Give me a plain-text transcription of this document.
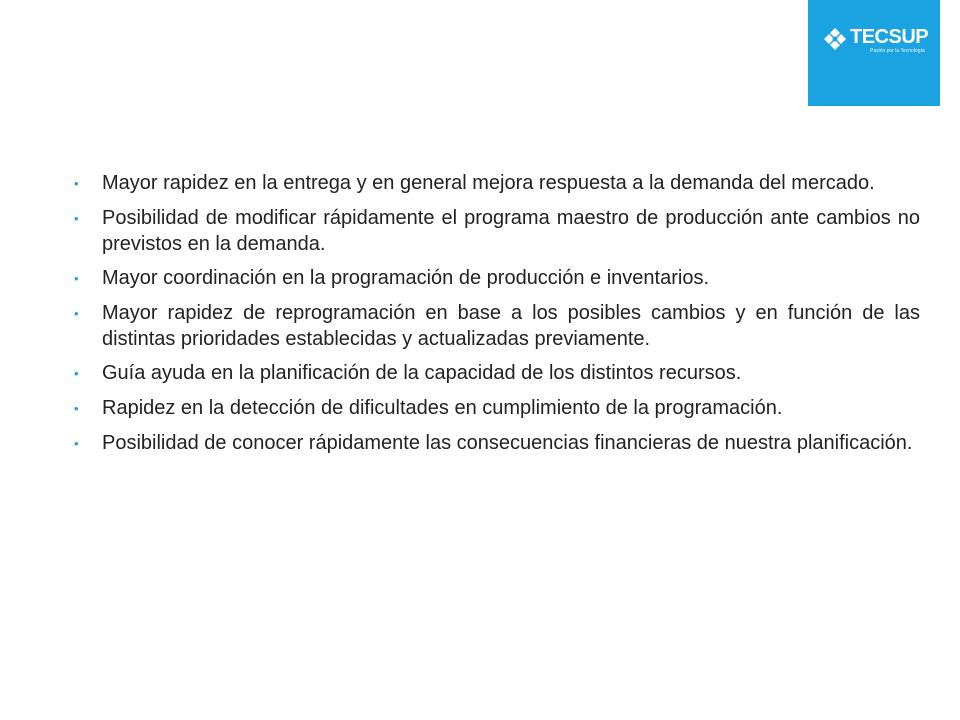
TECSUP
Pasión por la Tecnología
•	Mayor rapidez en la entrega y en general mejora respuesta a la demanda del mercado.
•	Posibilidad de modificar rápidamente el programa maestro de producción ante cambios no previstos en la demanda.
•	Mayor coordinación en la programación de producción e inventarios.
•	Mayor rapidez de reprogramación en base a los posibles cambios y en función de las distintas prioridades establecidas y actualizadas previamente.
•	Guía ayuda en la planificación de la capacidad de los distintos recursos.
•	Rapidez en la detección de dificultades en cumplimiento de la programación.
•	Posibilidad de conocer rápidamente las consecuencias financieras de nuestra planificación.
